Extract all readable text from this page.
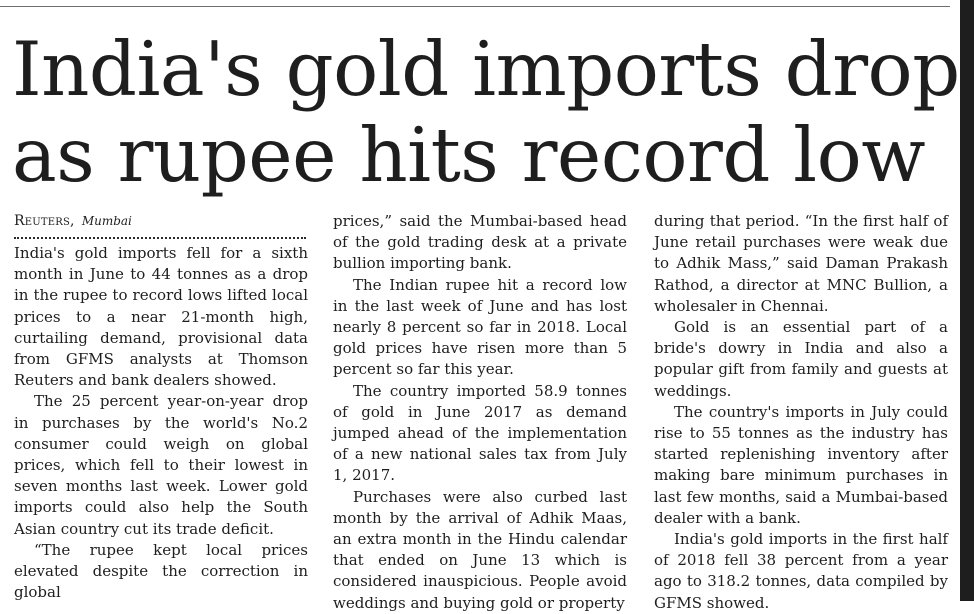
India's gold imports drop
as rupee hits record low
Reuters, Mumbai

India's gold imports fell for a sixth month in June to 44 tonnes as a drop in the rupee to record lows lifted local prices to a near 21-month high, curtailing demand, provisional data from GFMS analysts at Thomson Reuters and bank dealers showed.

The 25 percent year-on-year drop in purchases by the world's No.2 consumer could weigh on global prices, which fell to their lowest in seven months last week. Lower gold imports could also help the South Asian country cut its trade deficit.

“The rupee kept local prices elevated despite the correction in global

prices,” said the Mumbai-based head of the gold trading desk at a private bullion importing bank.

The Indian rupee hit a record low in the last week of June and has lost nearly 8 percent so far in 2018. Local gold prices have risen more than 5 percent so far this year.

The country imported 58.9 tonnes of gold in June 2017 as demand jumped ahead of the implementation of a new national sales tax from July 1, 2017.

Purchases were also curbed last month by the arrival of Adhik Maas, an extra month in the Hindu calendar that ended on June 13 which is considered inauspicious. People avoid weddings and buying gold or property

during that period. “In the first half of June retail purchases were weak due to Adhik Mass,” said Daman Prakash Rathod, a director at MNC Bullion, a wholesaler in Chennai.

Gold is an essential part of a bride's dowry in India and also a popular gift from family and guests at weddings.

The country's imports in July could rise to 55 tonnes as the industry has started replenishing inventory after making bare minimum purchases in last few months, said a Mumbai-based dealer with a bank.

India's gold imports in the first half of 2018 fell 38 percent from a year ago to 318.2 tonnes, data compiled by GFMS showed.
